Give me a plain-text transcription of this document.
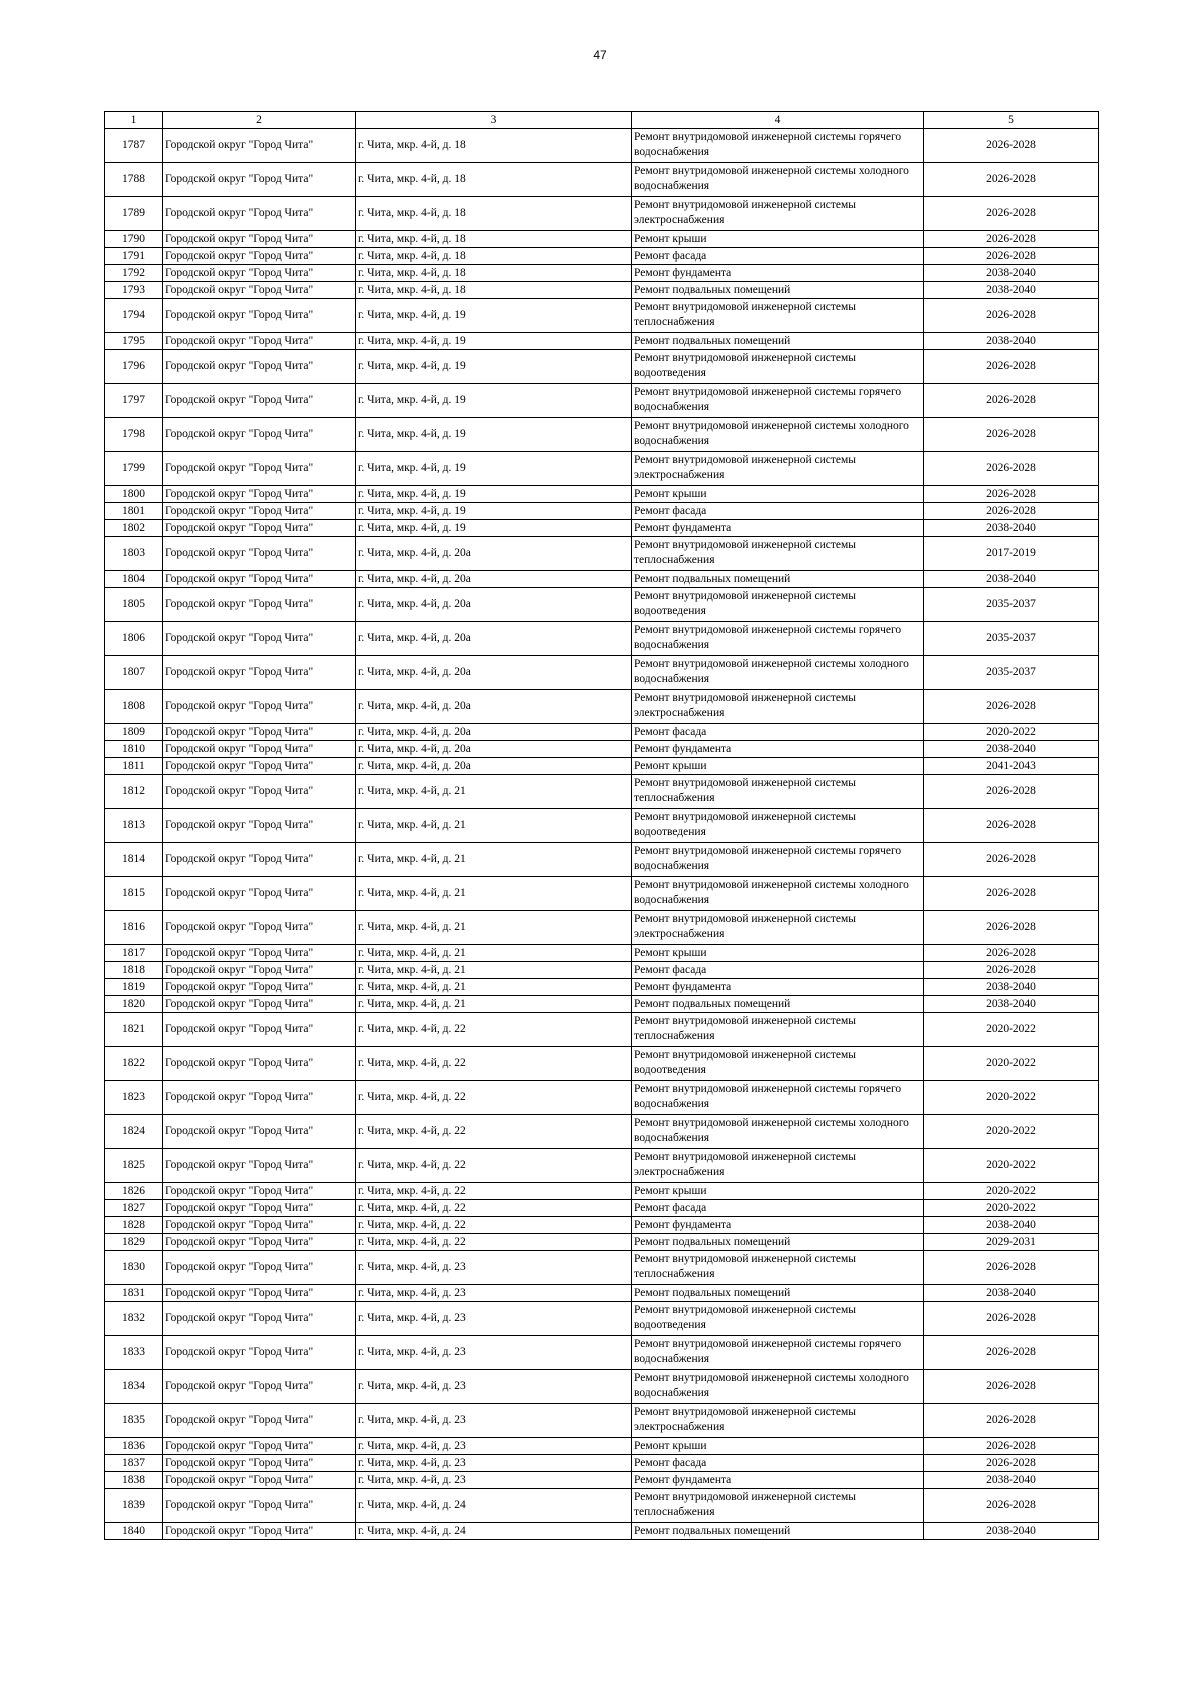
47
1	2	3	4	5
1787	Городской округ "Город Чита"	г. Чита, мкр. 4-й, д. 18	Ремонт внутридомовой инженерной системы горячего водоснабжения	2026-2028
1788	Городской округ "Город Чита"	г. Чита, мкр. 4-й, д. 18	Ремонт внутридомовой инженерной системы холодного водоснабжения	2026-2028
1789	Городской округ "Город Чита"	г. Чита, мкр. 4-й, д. 18	Ремонт внутридомовой инженерной системы электроснабжения	2026-2028
1790	Городской округ "Город Чита"	г. Чита, мкр. 4-й, д. 18	Ремонт крыши	2026-2028
1791	Городской округ "Город Чита"	г. Чита, мкр. 4-й, д. 18	Ремонт фасада	2026-2028
1792	Городской округ "Город Чита"	г. Чита, мкр. 4-й, д. 18	Ремонт фундамента	2038-2040
1793	Городской округ "Город Чита"	г. Чита, мкр. 4-й, д. 18	Ремонт подвальных помещений	2038-2040
1794	Городской округ "Город Чита"	г. Чита, мкр. 4-й, д. 19	Ремонт внутридомовой инженерной системы теплоснабжения	2026-2028
1795	Городской округ "Город Чита"	г. Чита, мкр. 4-й, д. 19	Ремонт подвальных помещений	2038-2040
1796	Городской округ "Город Чита"	г. Чита, мкр. 4-й, д. 19	Ремонт внутридомовой инженерной системы водоотведения	2026-2028
1797	Городской округ "Город Чита"	г. Чита, мкр. 4-й, д. 19	Ремонт внутридомовой инженерной системы горячего водоснабжения	2026-2028
1798	Городской округ "Город Чита"	г. Чита, мкр. 4-й, д. 19	Ремонт внутридомовой инженерной системы холодного водоснабжения	2026-2028
1799	Городской округ "Город Чита"	г. Чита, мкр. 4-й, д. 19	Ремонт внутридомовой инженерной системы электроснабжения	2026-2028
1800	Городской округ "Город Чита"	г. Чита, мкр. 4-й, д. 19	Ремонт крыши	2026-2028
1801	Городской округ "Город Чита"	г. Чита, мкр. 4-й, д. 19	Ремонт фасада	2026-2028
1802	Городской округ "Город Чита"	г. Чита, мкр. 4-й, д. 19	Ремонт фундамента	2038-2040
1803	Городской округ "Город Чита"	г. Чита, мкр. 4-й, д. 20а	Ремонт внутридомовой инженерной системы теплоснабжения	2017-2019
1804	Городской округ "Город Чита"	г. Чита, мкр. 4-й, д. 20а	Ремонт подвальных помещений	2038-2040
1805	Городской округ "Город Чита"	г. Чита, мкр. 4-й, д. 20а	Ремонт внутридомовой инженерной системы водоотведения	2035-2037
1806	Городской округ "Город Чита"	г. Чита, мкр. 4-й, д. 20а	Ремонт внутридомовой инженерной системы горячего водоснабжения	2035-2037
1807	Городской округ "Город Чита"	г. Чита, мкр. 4-й, д. 20а	Ремонт внутридомовой инженерной системы холодного водоснабжения	2035-2037
1808	Городской округ "Город Чита"	г. Чита, мкр. 4-й, д. 20а	Ремонт внутридомовой инженерной системы электроснабжения	2026-2028
1809	Городской округ "Город Чита"	г. Чита, мкр. 4-й, д. 20а	Ремонт фасада	2020-2022
1810	Городской округ "Город Чита"	г. Чита, мкр. 4-й, д. 20а	Ремонт фундамента	2038-2040
1811	Городской округ "Город Чита"	г. Чита, мкр. 4-й, д. 20а	Ремонт крыши	2041-2043
1812	Городской округ "Город Чита"	г. Чита, мкр. 4-й, д. 21	Ремонт внутридомовой инженерной системы теплоснабжения	2026-2028
1813	Городской округ "Город Чита"	г. Чита, мкр. 4-й, д. 21	Ремонт внутридомовой инженерной системы водоотведения	2026-2028
1814	Городской округ "Город Чита"	г. Чита, мкр. 4-й, д. 21	Ремонт внутридомовой инженерной системы горячего водоснабжения	2026-2028
1815	Городской округ "Город Чита"	г. Чита, мкр. 4-й, д. 21	Ремонт внутридомовой инженерной системы холодного водоснабжения	2026-2028
1816	Городской округ "Город Чита"	г. Чита, мкр. 4-й, д. 21	Ремонт внутридомовой инженерной системы электроснабжения	2026-2028
1817	Городской округ "Город Чита"	г. Чита, мкр. 4-й, д. 21	Ремонт крыши	2026-2028
1818	Городской округ "Город Чита"	г. Чита, мкр. 4-й, д. 21	Ремонт фасада	2026-2028
1819	Городской округ "Город Чита"	г. Чита, мкр. 4-й, д. 21	Ремонт фундамента	2038-2040
1820	Городской округ "Город Чита"	г. Чита, мкр. 4-й, д. 21	Ремонт подвальных помещений	2038-2040
1821	Городской округ "Город Чита"	г. Чита, мкр. 4-й, д. 22	Ремонт внутридомовой инженерной системы теплоснабжения	2020-2022
1822	Городской округ "Город Чита"	г. Чита, мкр. 4-й, д. 22	Ремонт внутридомовой инженерной системы водоотведения	2020-2022
1823	Городской округ "Город Чита"	г. Чита, мкр. 4-й, д. 22	Ремонт внутридомовой инженерной системы горячего водоснабжения	2020-2022
1824	Городской округ "Город Чита"	г. Чита, мкр. 4-й, д. 22	Ремонт внутридомовой инженерной системы холодного водоснабжения	2020-2022
1825	Городской округ "Город Чита"	г. Чита, мкр. 4-й, д. 22	Ремонт внутридомовой инженерной системы электроснабжения	2020-2022
1826	Городской округ "Город Чита"	г. Чита, мкр. 4-й, д. 22	Ремонт крыши	2020-2022
1827	Городской округ "Город Чита"	г. Чита, мкр. 4-й, д. 22	Ремонт фасада	2020-2022
1828	Городской округ "Город Чита"	г. Чита, мкр. 4-й, д. 22	Ремонт фундамента	2038-2040
1829	Городской округ "Город Чита"	г. Чита, мкр. 4-й, д. 22	Ремонт подвальных помещений	2029-2031
1830	Городской округ "Город Чита"	г. Чита, мкр. 4-й, д. 23	Ремонт внутридомовой инженерной системы теплоснабжения	2026-2028
1831	Городской округ "Город Чита"	г. Чита, мкр. 4-й, д. 23	Ремонт подвальных помещений	2038-2040
1832	Городской округ "Город Чита"	г. Чита, мкр. 4-й, д. 23	Ремонт внутридомовой инженерной системы водоотведения	2026-2028
1833	Городской округ "Город Чита"	г. Чита, мкр. 4-й, д. 23	Ремонт внутридомовой инженерной системы горячего водоснабжения	2026-2028
1834	Городской округ "Город Чита"	г. Чита, мкр. 4-й, д. 23	Ремонт внутридомовой инженерной системы холодного водоснабжения	2026-2028
1835	Городской округ "Город Чита"	г. Чита, мкр. 4-й, д. 23	Ремонт внутридомовой инженерной системы электроснабжения	2026-2028
1836	Городской округ "Город Чита"	г. Чита, мкр. 4-й, д. 23	Ремонт крыши	2026-2028
1837	Городской округ "Город Чита"	г. Чита, мкр. 4-й, д. 23	Ремонт фасада	2026-2028
1838	Городской округ "Город Чита"	г. Чита, мкр. 4-й, д. 23	Ремонт фундамента	2038-2040
1839	Городской округ "Город Чита"	г. Чита, мкр. 4-й, д. 24	Ремонт внутридомовой инженерной системы теплоснабжения	2026-2028
1840	Городской округ "Город Чита"	г. Чита, мкр. 4-й, д. 24	Ремонт подвальных помещений	2038-2040
